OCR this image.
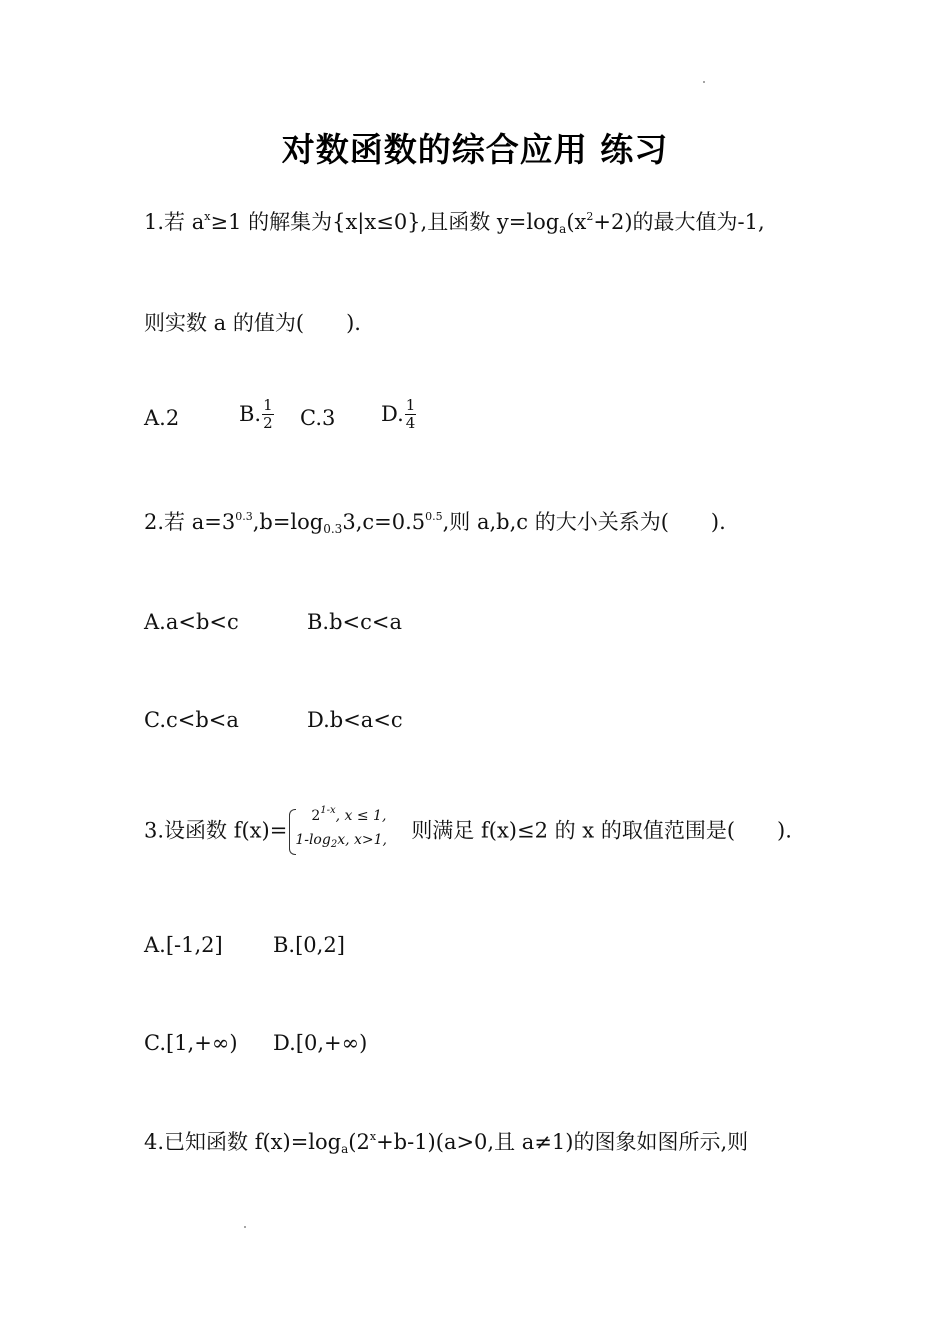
对数函数的综合应用 练习
1.若 $a^x\ge 1$ 的解集为{x|x≤0},且函数 $y=\log_a(x^2+2)$的最大值为-1,
则实数 a 的值为(　　).
A.2	B. $\frac{1}{2} C.3$ D. $\frac{1}{4}$
2.若 $a=3^{0.3},b=\log_{0.3}3,c=0.5^{0.5}$,则 a,b,c 的大小关系为(　　).
A.a<b<c	B.b<c<a
C.c<b<a	D.b<a<c
3.设函数 f(x)=
$2^{1-x}$, x ≤ 1,
$1-\log_2x$, x>1, 则满足 f(x)≤2 的 x 的取值范围是(　　).
A.[-1,2] B.[0,2]
C.[1,+∞) D.[0,+∞)
4.已知函数 $f(x)=\log_a(2^x+b-1)(a>0$,且 a≠1)的图象如图所示,则
